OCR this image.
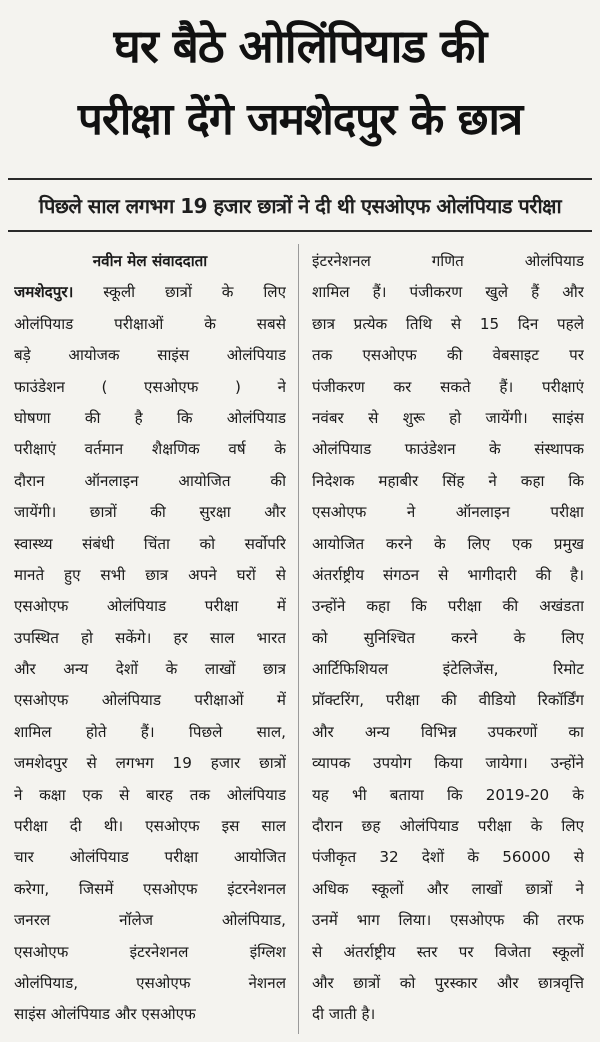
घर बैठे ओलिंपियाड की
परीक्षा देंगे जमशेदपुर के छात्र
पिछले साल लगभग 19 हजार छात्रों ने दी थी एसओएफ ओलंपियाड परीक्षा
नवीन मेल संवाददाता
जमशेदपुर। स्कूली छात्रों के लिए
ओलंपियाड परीक्षाओं के सबसे
बड़े आयोजक साइंस ओलंपियाड
फाउंडेशन ( एसओएफ ) ने
घोषणा की है कि ओलंपियाड
परीक्षाएं वर्तमान शैक्षणिक वर्ष के
दौरान ऑनलाइन आयोजित की
जायेंगी। छात्रों की सुरक्षा और
स्वास्थ्य संबंधी चिंता को सर्वोपरि
मानते हुए सभी छात्र अपने घरों से
एसओएफ ओलंपियाड परीक्षा में
उपस्थित हो सकेंगे। हर साल भारत
और अन्य देशों के लाखों छात्र
एसओएफ ओलंपियाड परीक्षाओं में
शामिल होते हैं। पिछले साल,
जमशेदपुर से लगभग 19 हजार छात्रों
ने कक्षा एक से बारह तक ओलंपियाड
परीक्षा दी थी। एसओएफ इस साल
चार ओलंपियाड परीक्षा आयोजित
करेगा, जिसमें एसओएफ इंटरनेशनल
जनरल नॉलेज ओलंपियाड,
एसओएफ इंटरनेशनल इंग्लिश
ओलंपियाड, एसओएफ नेशनल
साइंस ओलंपियाड और एसओएफ
इंटरनेशनल गणित ओलंपियाड
शामिल हैं। पंजीकरण खुले हैं और
छात्र प्रत्येक तिथि से 15 दिन पहले
तक एसओएफ की वेबसाइट पर
पंजीकरण कर सकते हैं। परीक्षाएं
नवंबर से शुरू हो जायेंगी। साइंस
ओलंपियाड फाउंडेशन के संस्थापक
निदेशक महाबीर सिंह ने कहा कि
एसओएफ ने ऑनलाइन परीक्षा
आयोजित करने के लिए एक प्रमुख
अंतर्राष्ट्रीय संगठन से भागीदारी की है।
उन्होंने कहा कि परीक्षा की अखंडता
को सुनिश्चित करने के लिए
आर्टिफिशियल इंटेलिजेंस, रिमोट
प्रॉक्टरिंग, परीक्षा की वीडियो रिकॉर्डिंग
और अन्य विभिन्न उपकरणों का
व्यापक उपयोग किया जायेगा। उन्होंने
यह भी बताया कि 2019-20 के
दौरान छह ओलंपियाड परीक्षा के लिए
पंजीकृत 32 देशों के 56000 से
अधिक स्कूलों और लाखों छात्रों ने
उनमें भाग लिया। एसओएफ की तरफ
से अंतर्राष्ट्रीय स्तर पर विजेता स्कूलों
और छात्रों को पुरस्कार और छात्रवृत्ति
दी जाती है।
